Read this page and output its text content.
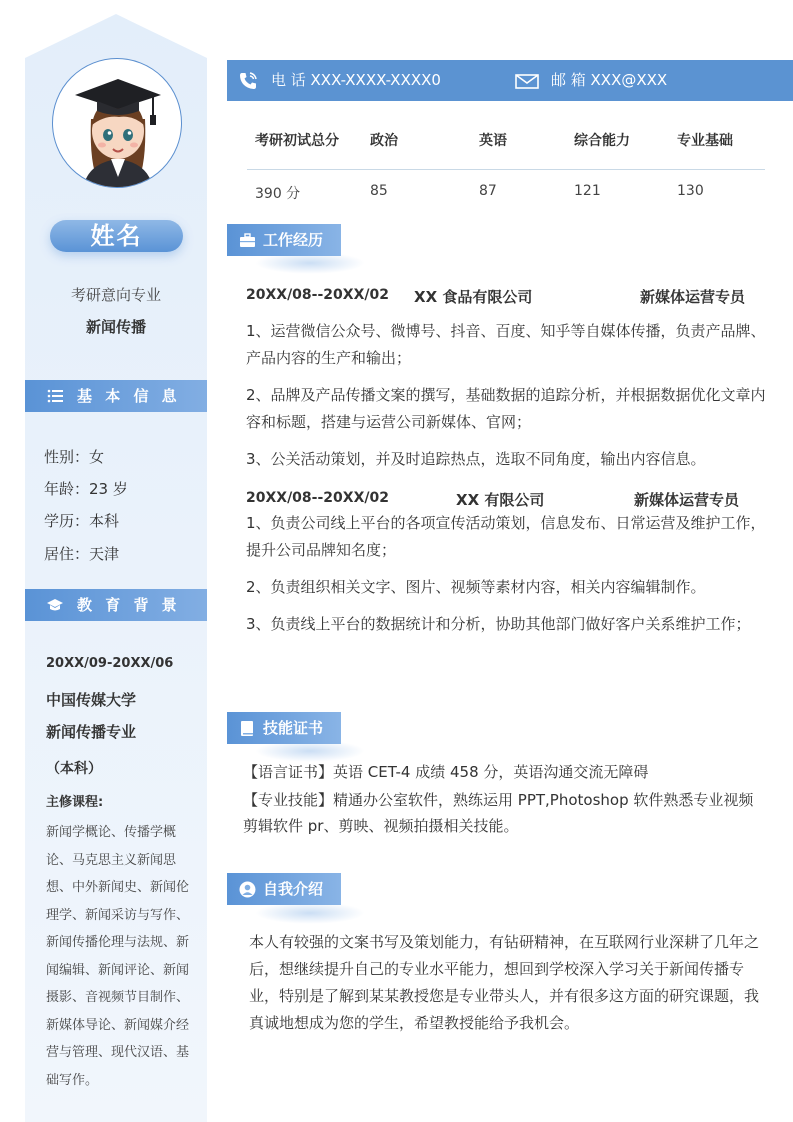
姓名
考研意向专业
新闻传播
基 本 信 息
性别：女
年龄：23 岁
学历：本科
居住：天津
教 育 背 景
20XX/09-20XX/06
中国传媒大学
新闻传播专业
（本科）
主修课程:
新闻学概论、传播学概论、马克思主义新闻思想、中外新闻史、新闻伦理学、新闻采访与写作、新闻传播伦理与法规、新闻编辑、新闻评论、新闻摄影、音视频节目制作、新媒体导论、新闻媒介经营与管理、现代汉语、基础写作。
电 话 XXX-XXXX-XXXX0	邮 箱 XXX@XXX
考研初试总分 政治	英语	综合能力	专业基础
390 分	85	87	121	130
工作经历
20XX/08--20XX/02 XX 食品有限公司	新媒体运营专员
1、运营微信公众号、微博号、抖音、百度、知乎等自媒体传播，负责产品牌、产品内容的生产和输出；
2、品牌及产品传播文案的撰写，基础数据的追踪分析，并根据数据优化文章内容和标题，搭建与运营公司新媒体、官网；
3、公关活动策划，并及时追踪热点，选取不同角度，输出内容信息。
20XX/08--20XX/02	XX 有限公司	新媒体运营专员
1、负责公司线上平台的各项宣传活动策划，信息发布、日常运营及维护工作，提升公司品牌知名度；
2、负责组织相关文字、图片、视频等素材内容，相关内容编辑制作。
3、负责线上平台的数据统计和分析，协助其他部门做好客户关系维护工作；
技能证书
【语言证书】英语 CET-4 成绩 458 分，英语沟通交流无障碍
【专业技能】精通办公室软件，熟练运用 PPT,Photoshop 软件熟悉专业视频剪辑软件 pr、剪映、视频拍摄相关技能。
自我介绍
本人有较强的文案书写及策划能力，有钻研精神，在互联网行业深耕了几年之后，想继续提升自己的专业水平能力，想回到学校深入学习关于新闻传播专业，特别是了解到某某教授您是专业带头人，并有很多这方面的研究课题，我真诚地想成为您的学生，希望教授能给予我机会。
